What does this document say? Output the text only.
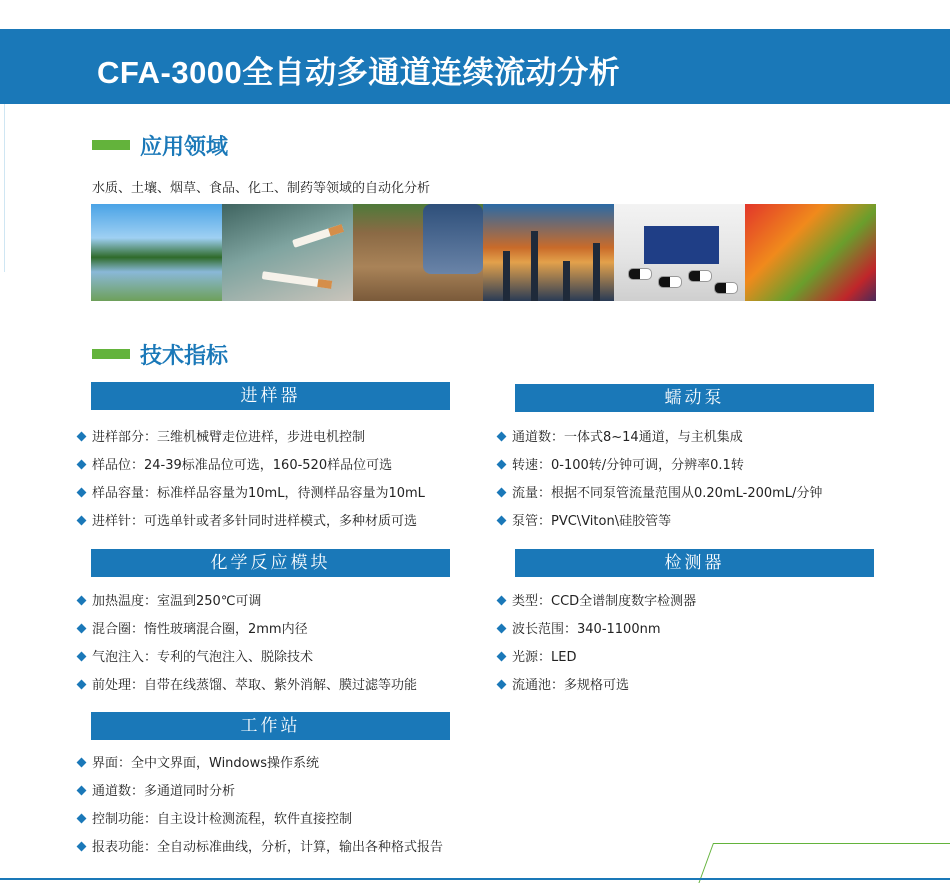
CFA-3000全自动多通道连续流动分析
应用领域
水质、土壤、烟草、食品、化工、制药等领域的自动化分析
技术指标
进样器
进样部分：三维机械臂走位进样，步进电机控制
样品位：24-39标准品位可选，160-520样品位可选
样品容量：标准样品容量为10mL，待测样品容量为10mL
进样针：可选单针或者多针同时进样模式，多种材质可选
化学反应模块
加热温度：室温到250℃可调
混合圈：惰性玻璃混合圈，2mm内径
气泡注入：专利的气泡注入、脱除技术
前处理：自带在线蒸馏、萃取、紫外消解、膜过滤等功能
工作站
界面：全中文界面，Windows操作系统
通道数：多通道同时分析
控制功能：自主设计检测流程，软件直接控制
报表功能：全自动标准曲线，分析，计算，输出各种格式报告
蠕动泵
通道数：一体式8~14通道，与主机集成
转速：0-100转/分钟可调，分辨率0.1转
流量：根据不同泵管流量范围从0.20mL-200mL/分钟
泵管：PVC\Viton\硅胶管等
检测器
类型：CCD全谱制度数字检测器
波长范围：340-1100nm
光源：LED
流通池：多规格可选
